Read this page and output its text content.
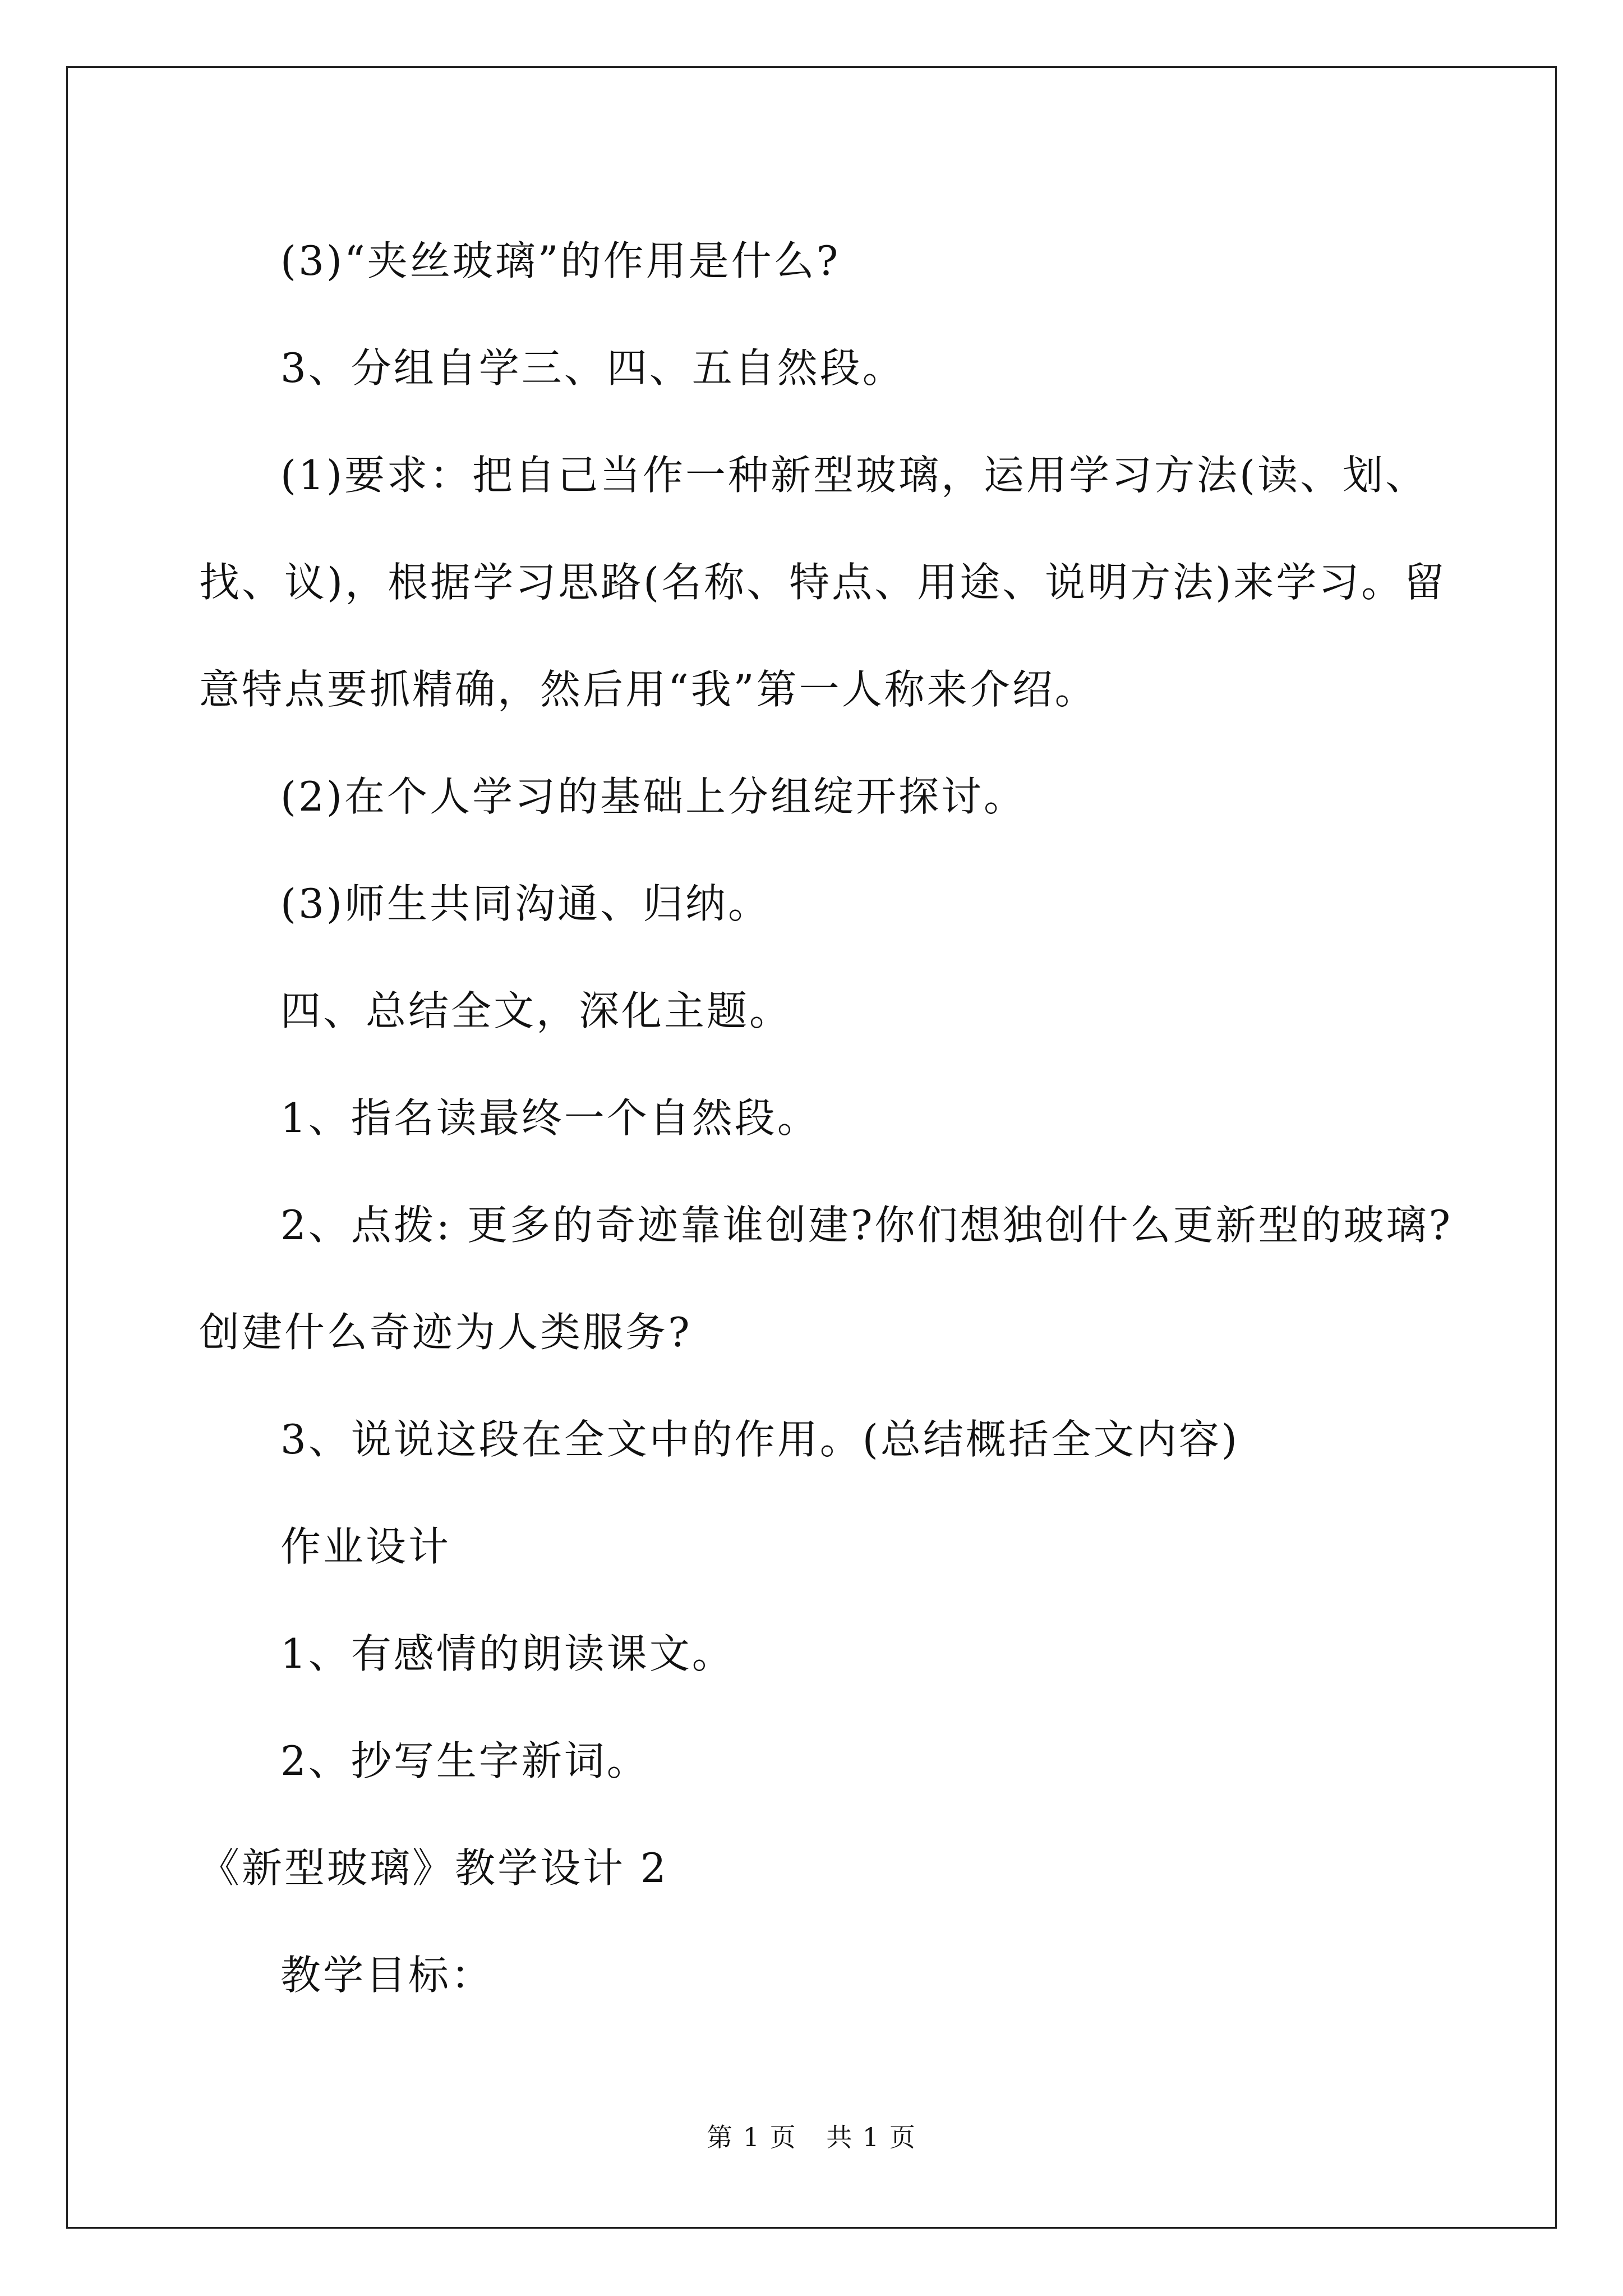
(3)“夹丝玻璃”的作用是什么?

3、分组自学三、四、五自然段。

(1)要求：把自己当作一种新型玻璃，运用学习方法(读、划、找、议)，根据学习思路(名称、特点、用途、说明方法)来学习。留意特点要抓精确，然后用“我”第一人称来介绍。

(2)在个人学习的基础上分组绽开探讨。

(3)师生共同沟通、归纳。

四、总结全文，深化主题。

1、指名读最终一个自然段。

2、点拨: 更多的奇迹靠谁创建?你们想独创什么更新型的玻璃?创建什么奇迹为人类服务?

3、说说这段在全文中的作用。(总结概括全文内容)

作业设计

1、有感情的朗读课文。

2、抄写生字新词。

《新型玻璃》教学设计 2

教学目标：

第 1 页 共 1 页
